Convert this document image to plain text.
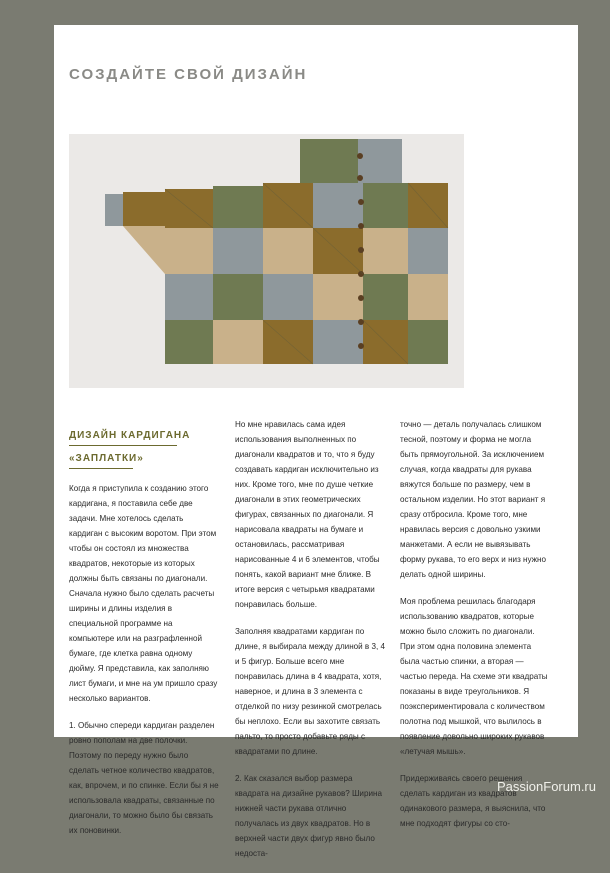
СОЗДАЙТЕ СВОЙ ДИЗАЙН
ДИЗАЙН КАРДИГАНА
«ЗАПЛАТКИ»

Когда я приступила к созданию этого кардигана, я поставила себе две задачи. Мне хотелось сделать кардиган с высоким воротом. При этом чтобы он состоял из множества квадратов, некоторые из которых должны быть связаны по диагонали. Сначала нужно было сделать расчеты ширины и длины изделия в специальной программе на компьютере или на разграфленной бумаге, где клетка равна одному дюйму. Я представила, как заполняю лист бумаги, и мне на ум пришло сразу несколько вариантов.

1. Обычно спереди кардиган разделен ровно пополам на две полочки. Поэтому по переду нужно было сделать четное количество квадратов, как, впрочем, и по спинке. Если бы я не использовала квадраты, связанные по диагонали, то можно было бы связать их поновинки.

Но мне нравилась сама идея использования выполненных по диагонали квадратов и то, что я буду создавать кардиган исключительно из них. Кроме того, мне по душе четкие диагонали в этих геометрических фигурах, связанных по диагонали. Я нарисовала квадраты на бумаге и остановилась, рассматривая нарисованные 4 и 6 элементов, чтобы понять, какой вариант мне ближе. В итоге версия с четырьмя квадратами понравилась больше.

Заполняя квадратами кардиган по длине, я выбирала между длиной в 3, 4 и 5 фигур. Больше всего мне понравилась длина в 4 квадрата, хотя, наверное, и длина в 3 элемента с отделкой по низу резинкой смотрелась бы неплохо. Если вы захотите связать пальто, то просто добавьте ряды с квадратами по длине.

2. Как сказался выбор размера квадрата на дизайне рукавов? Ширина нижней части рукава отлично получалась из двух квадратов. Но в верхней части двух фигур явно было недоста-

точно — деталь получалась слишком тесной, поэтому и форма не могла быть прямоугольной. За исключением случая, когда квадраты для рукава вяжутся больше по размеру, чем в остальном изделии. Но этот вариант я сразу отбросила. Кроме того, мне нравилась версия с довольно узкими манжетами. А если не вывязывать форму рукава, то его верх и низ нужно делать одной ширины.

Моя проблема решилась благодаря использованию квадратов, которые можно было сложить по диагонали. При этом одна половина элемента была частью спинки, а вторая — частью переда. На схеме эти квадраты показаны в виде треугольников. Я поэкспериментировала с количеством полотна под мышкой, что вылилось в появление довольно широких рукавов «летучая мышь».

Придерживаясь своего решения сделать кардиган из квадратов одинакового размера, я выяснила, что мне подходят фигуры со сто-

PassionForum.ru
